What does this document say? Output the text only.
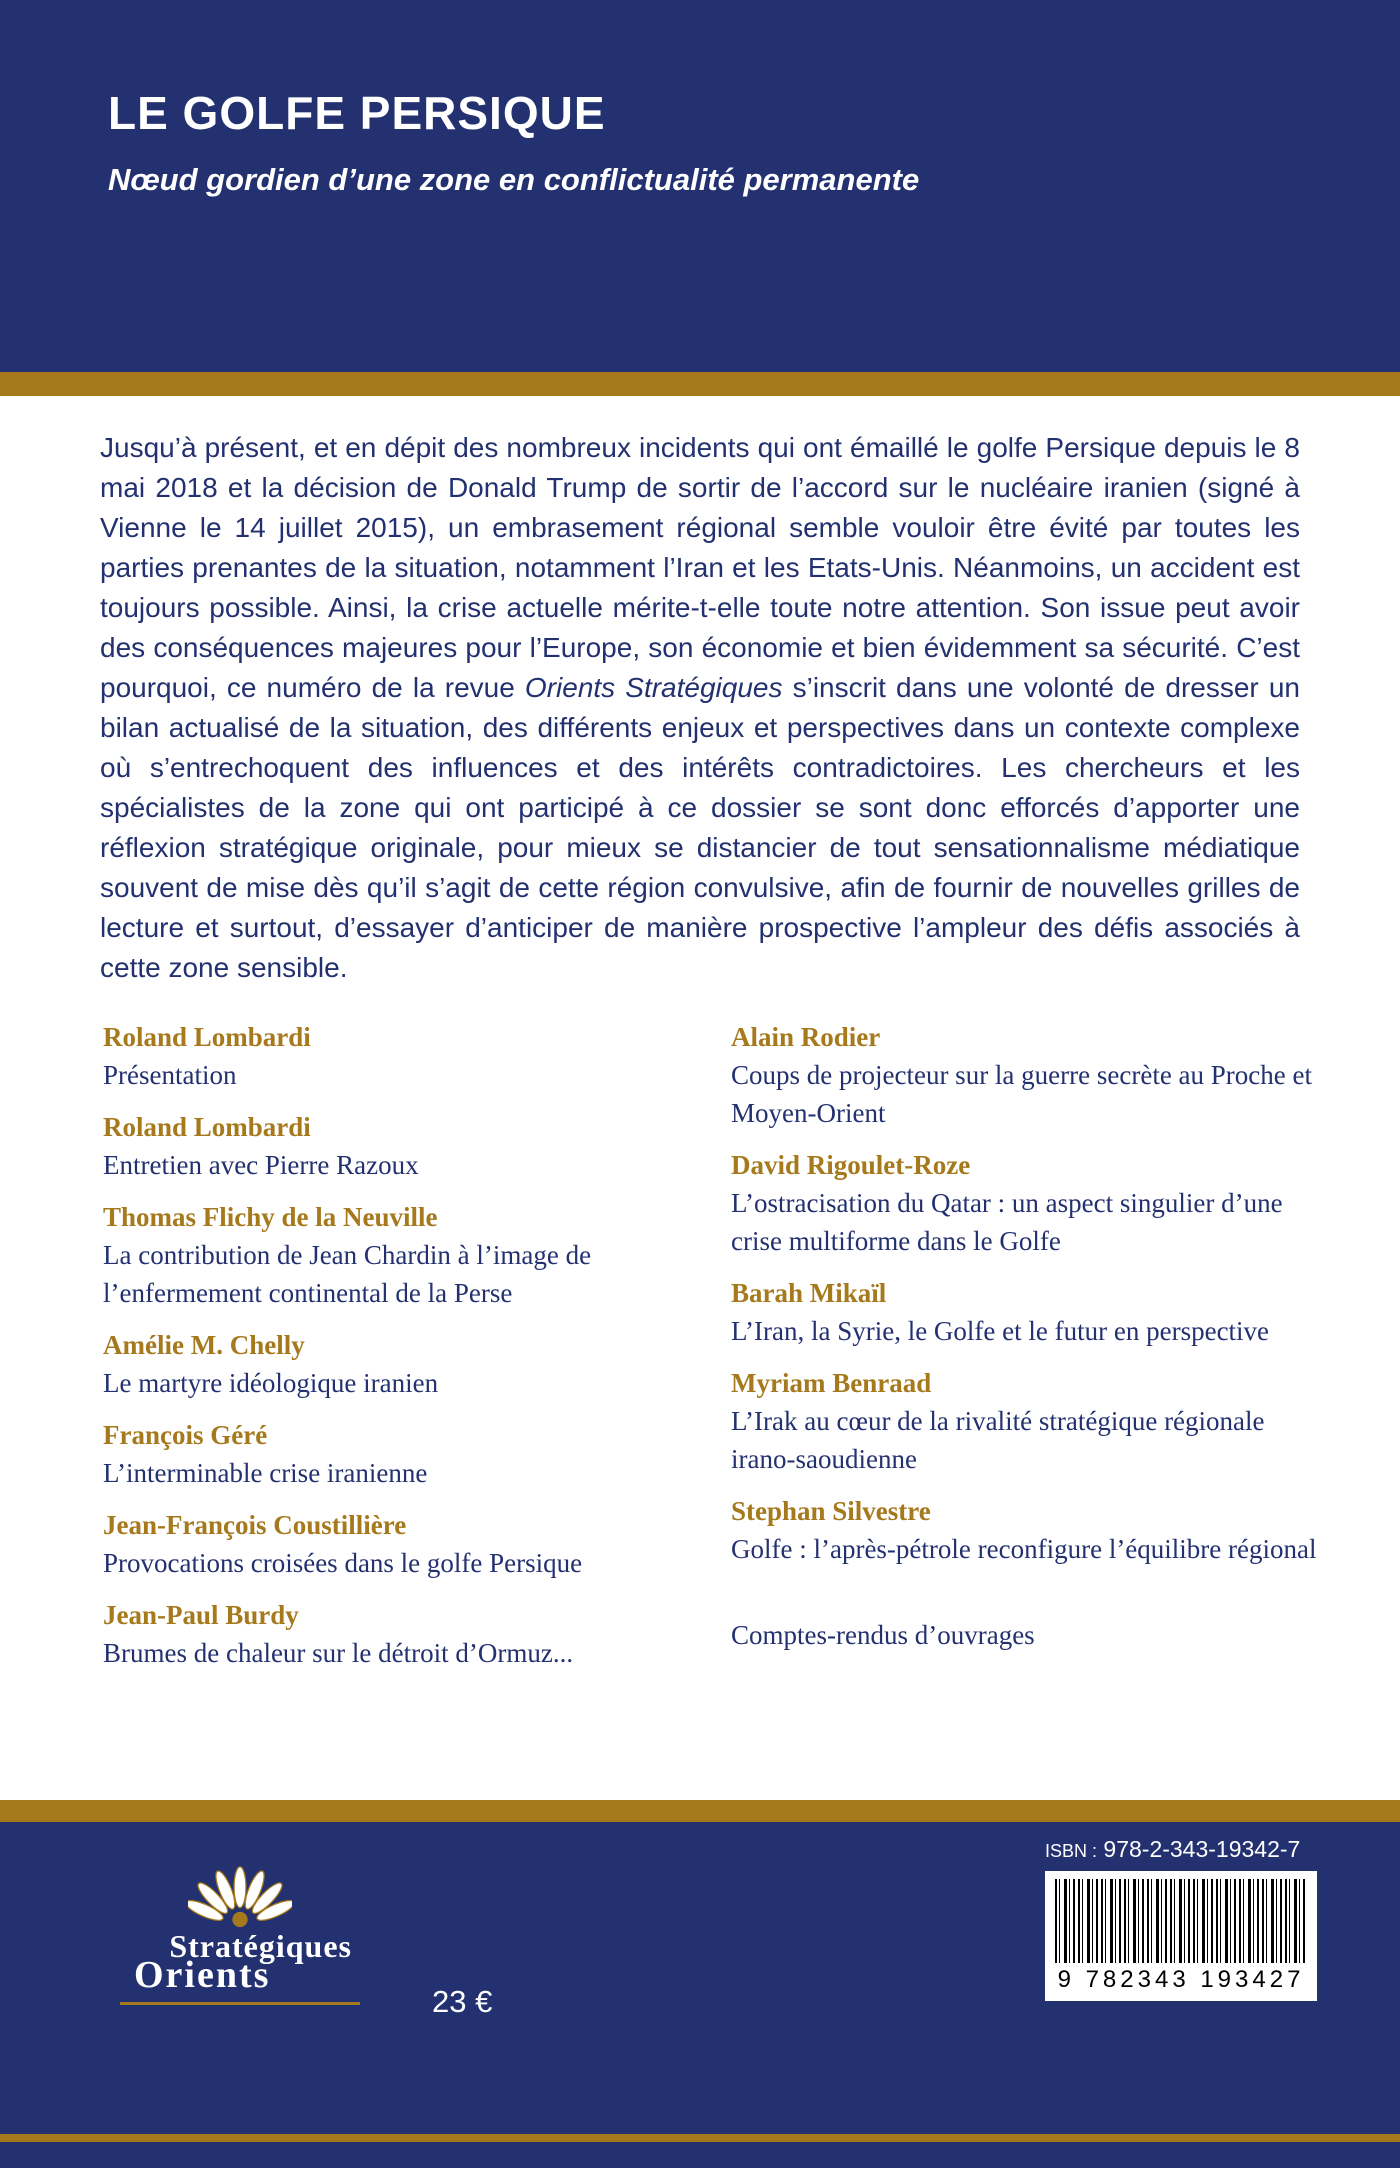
LE GOLFE PERSIQUE
Nœud gordien d’une zone en conflictualité permanente

Jusqu’à présent, et en dépit des nombreux incidents qui ont émaillé le golfe Persique depuis le 8 mai 2018 et la décision de Donald Trump de sortir de l’accord sur le nucléaire iranien (signé à Vienne le 14 juillet 2015), un embrasement régional semble vouloir être évité par toutes les parties prenantes de la situation, notamment l’Iran et les Etats-Unis. Néanmoins, un accident est toujours possible. Ainsi, la crise actuelle mérite-t-elle toute notre attention. Son issue peut avoir des conséquences majeures pour l’Europe, son économie et bien évidemment sa sécurité. C’est pourquoi, ce numéro de la revue Orients Stratégiques s’inscrit dans une volonté de dresser un bilan actualisé de la situation, des différents enjeux et perspectives dans un contexte complexe où s’entrechoquent des influences et des intérêts contradictoires. Les chercheurs et les spécialistes de la zone qui ont participé à ce dossier se sont donc efforcés d’apporter une réflexion stratégique originale, pour mieux se distancier de tout sensationnalisme médiatique souvent de mise dès qu’il s’agit de cette région convulsive, afin de fournir de nouvelles grilles de lecture et surtout, d’essayer d’anticiper de manière prospective l’ampleur des défis associés à cette zone sensible.

Roland Lombardi
Présentation
Roland Lombardi
Entretien avec Pierre Razoux
Thomas Flichy de la Neuville
La contribution de Jean Chardin à l’image de l’enfermement continental de la Perse
Amélie M. Chelly
Le martyre idéologique iranien
François Géré
L’interminable crise iranienne
Jean-François Coustillière
Provocations croisées dans le golfe Persique
Jean-Paul Burdy
Brumes de chaleur sur le détroit d’Ormuz...
Alain Rodier
Coups de projecteur sur la guerre secrète au Proche et Moyen-Orient
David Rigoulet-Roze
L’ostracisation du Qatar : un aspect singulier d’une crise multiforme dans le Golfe
Barah Mikaïl
L’Iran, la Syrie, le Golfe et le futur en perspective
Myriam Benraad
L’Irak au cœur de la rivalité stratégique régionale irano-saoudienne
Stephan Silvestre
Golfe : l’après-pétrole reconfigure l’équilibre régional
Comptes-rendus d’ouvrages
Stratégiques
Orients
23 €
ISBN : 978-2-343-19342-7
9 782343 193427
